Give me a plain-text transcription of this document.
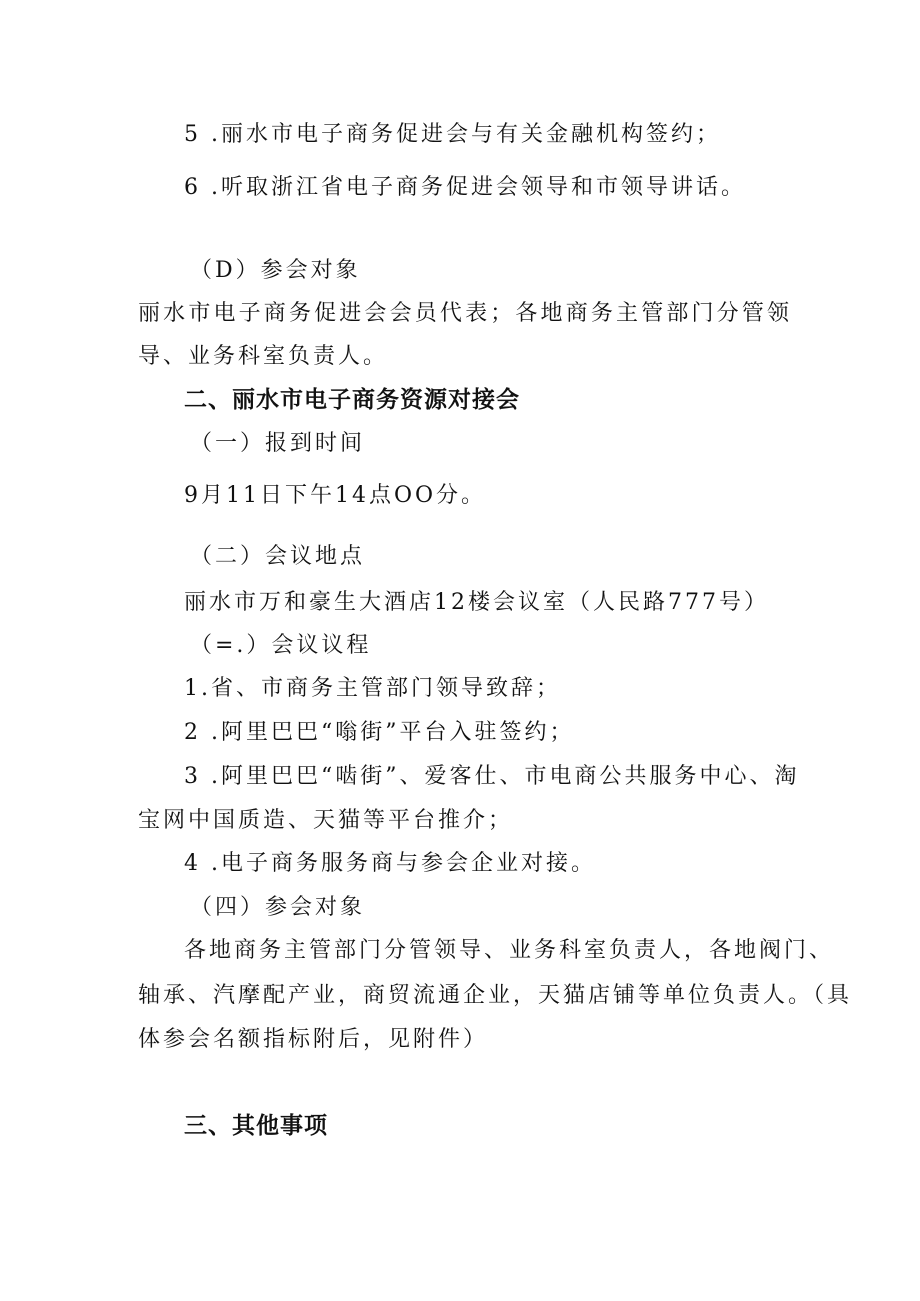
5 .丽水市电子商务促进会与有关金融机构签约；
6 .听取浙江省电子商务促进会领导和市领导讲话。
（D）参会对象
丽水市电子商务促进会会员代表；各地商务主管部门分管领
导、业务科室负责人。
二、丽水市电子商务资源对接会
（一）报到时间
9月11日下午14点OO分。
（二）会议地点
丽水市万和豪生大酒店12楼会议室（人民路777号）
（=.）会议议程
1.省、市商务主管部门领导致辞；
2 .阿里巴巴“嗡街”平台入驻签约；
3 .阿里巴巴“啮街”、爱客仕、市电商公共服务中心、淘
宝网中国质造、天猫等平台推介；
4 .电子商务服务商与参会企业对接。
（四）参会对象
各地商务主管部门分管领导、业务科室负责人，各地阀门、
轴承、汽摩配产业，商贸流通企业，天猫店铺等单位负责人。（具
体参会名额指标附后，见附件）
三、其他事项
